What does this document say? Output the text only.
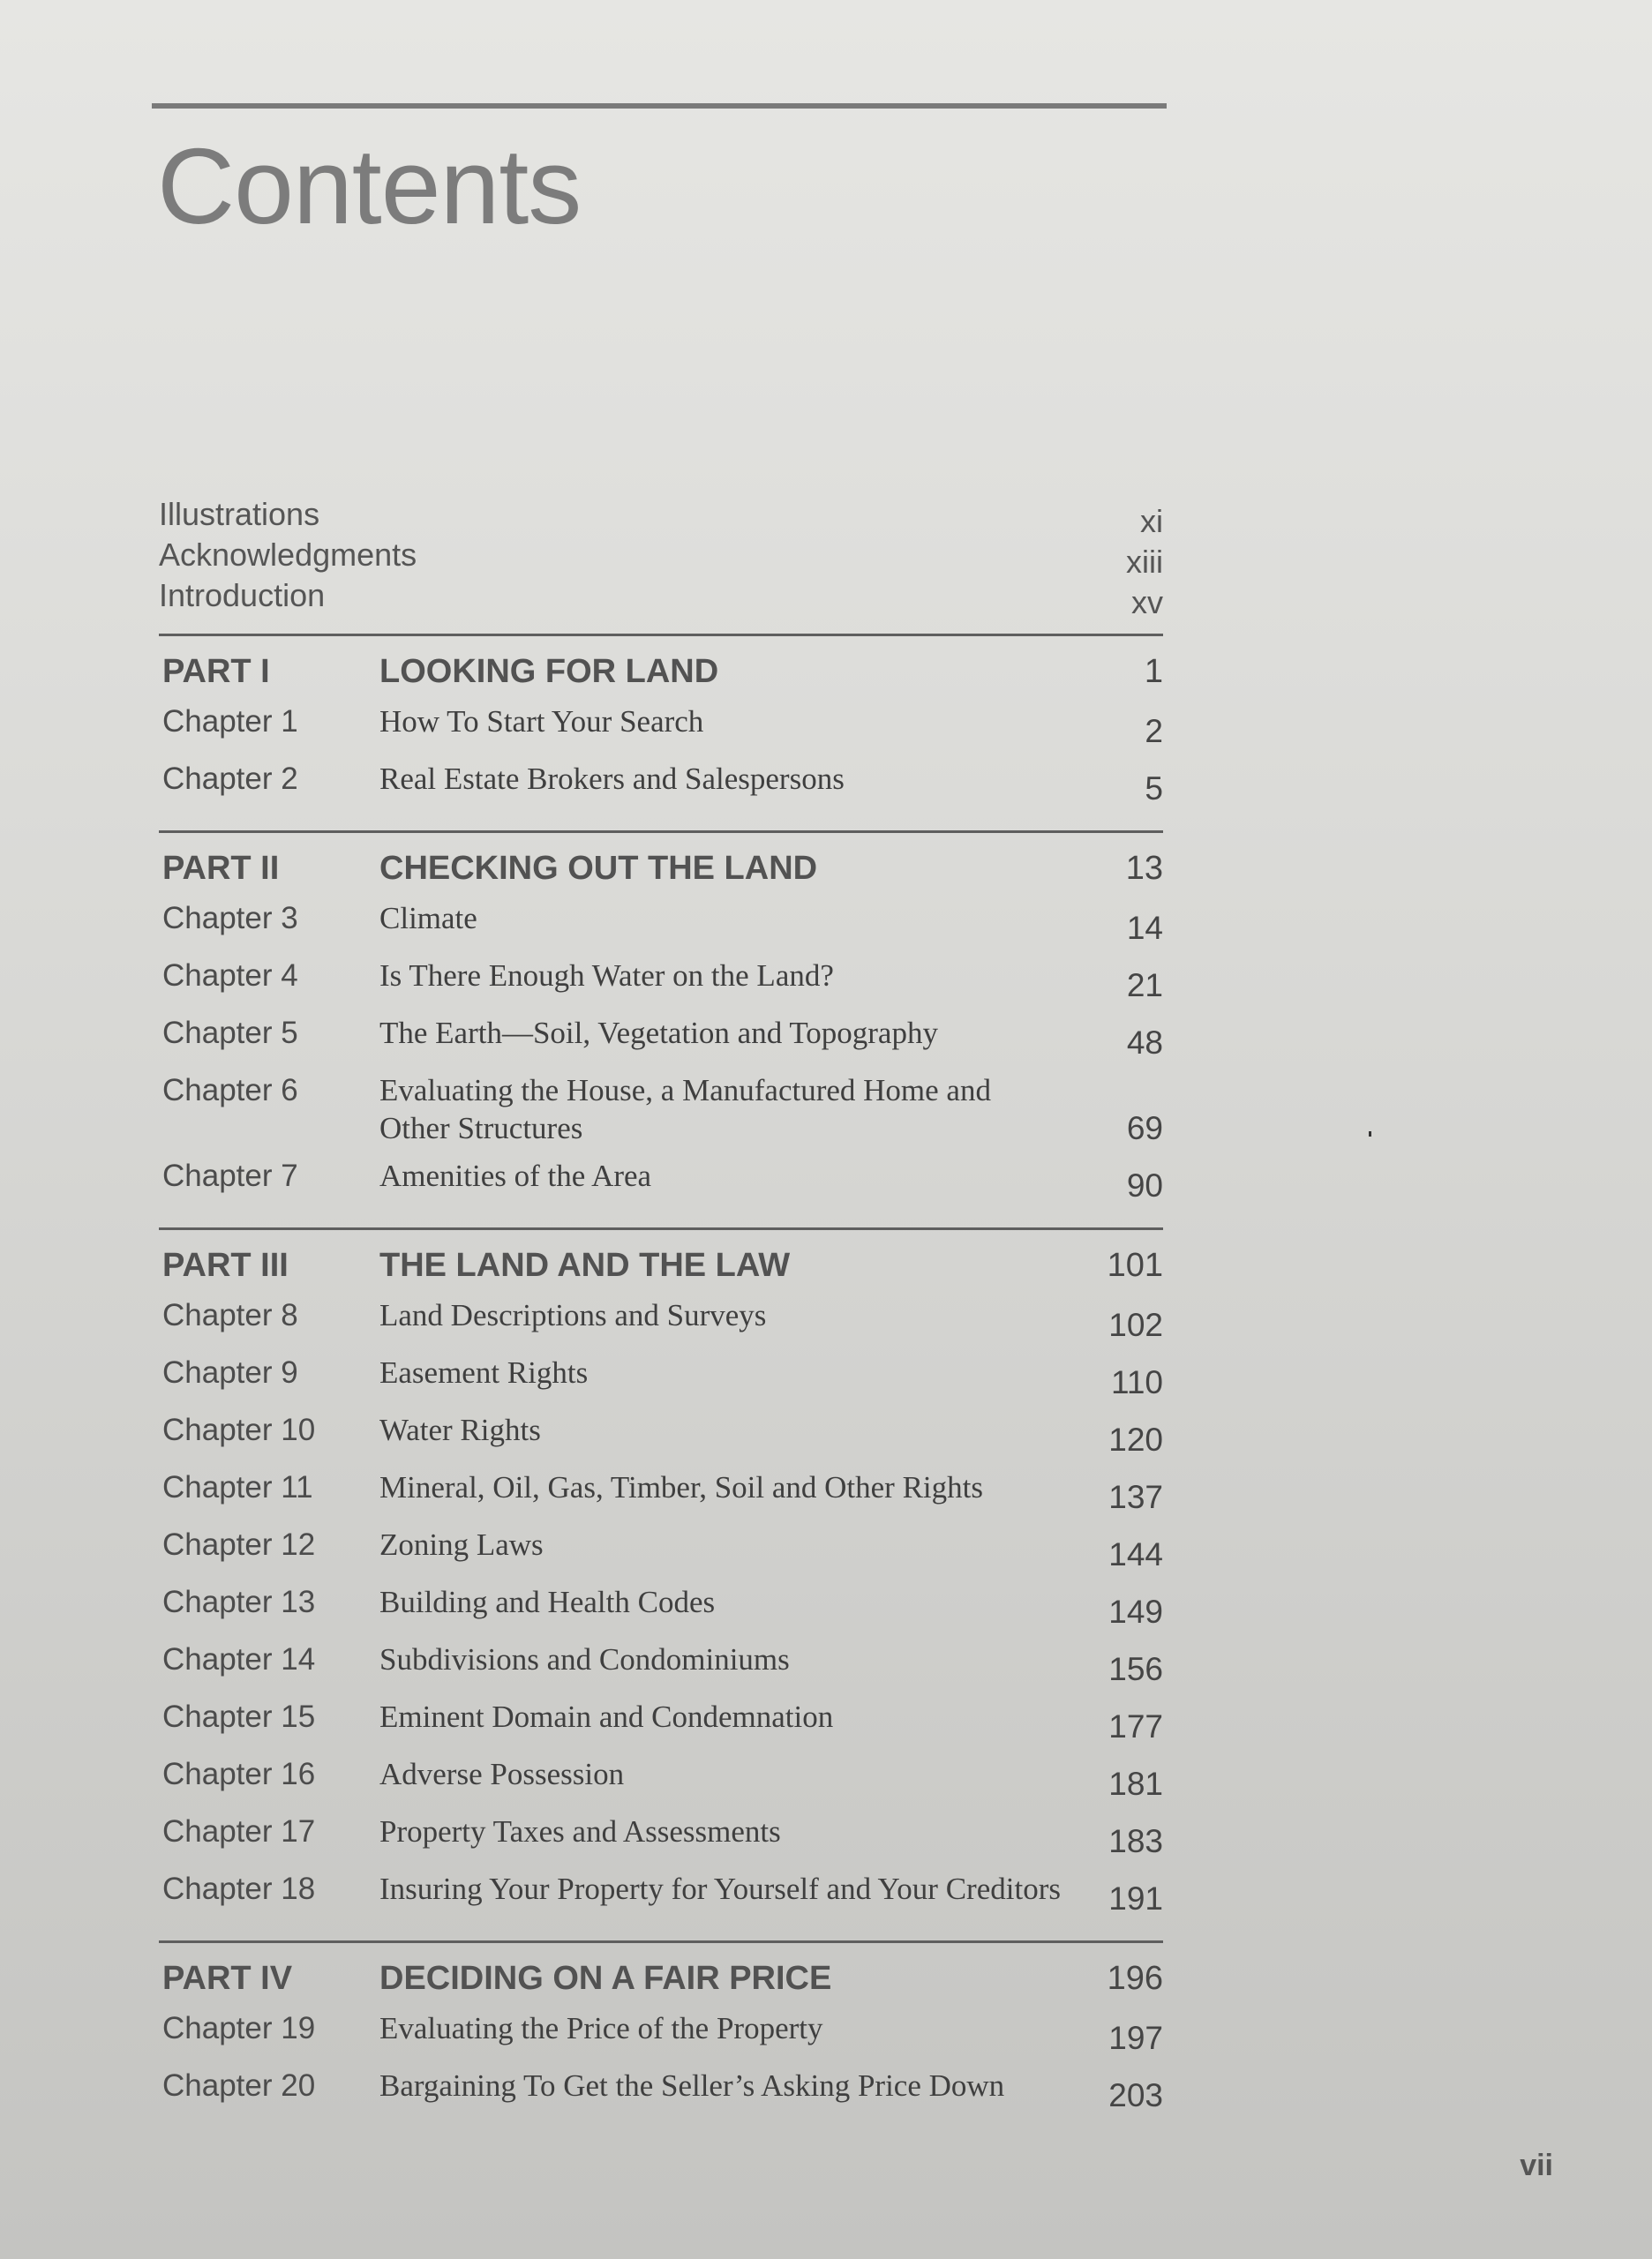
Contents
Illustrations	xi
Acknowledgments	xiii
Introduction	xv
PART I	LOOKING FOR LAND	1
Chapter 1	How To Start Your Search	2
Chapter 2	Real Estate Brokers and Salespersons	5
PART II	CHECKING OUT THE LAND	13
Chapter 3	Climate	14
Chapter 4	Is There Enough Water on the Land?	21
Chapter 5	The Earth—Soil, Vegetation and Topography	48
Chapter 6	Evaluating the House, a Manufactured Home and Other Structures	69
Chapter 7	Amenities of the Area	90
PART III	THE LAND AND THE LAW	101
Chapter 8	Land Descriptions and Surveys	102
Chapter 9	Easement Rights	110
Chapter 10 Water Rights	120
Chapter 11 Mineral, Oil, Gas, Timber, Soil and Other Rights	137
Chapter 12 Zoning Laws	144
Chapter 13 Building and Health Codes	149
Chapter 14 Subdivisions and Condominiums	156
Chapter 15 Eminent Domain and Condemnation	177
Chapter 16 Adverse Possession	181
Chapter 17 Property Taxes and Assessments	183
Chapter 18 Insuring Your Property for Yourself and Your Creditors 191
PART IV	DECIDING ON A FAIR PRICE	196
Chapter 19 Evaluating the Price of the Property	197
Chapter 20 Bargaining To Get the Seller’s Asking Price Down	203
vii
